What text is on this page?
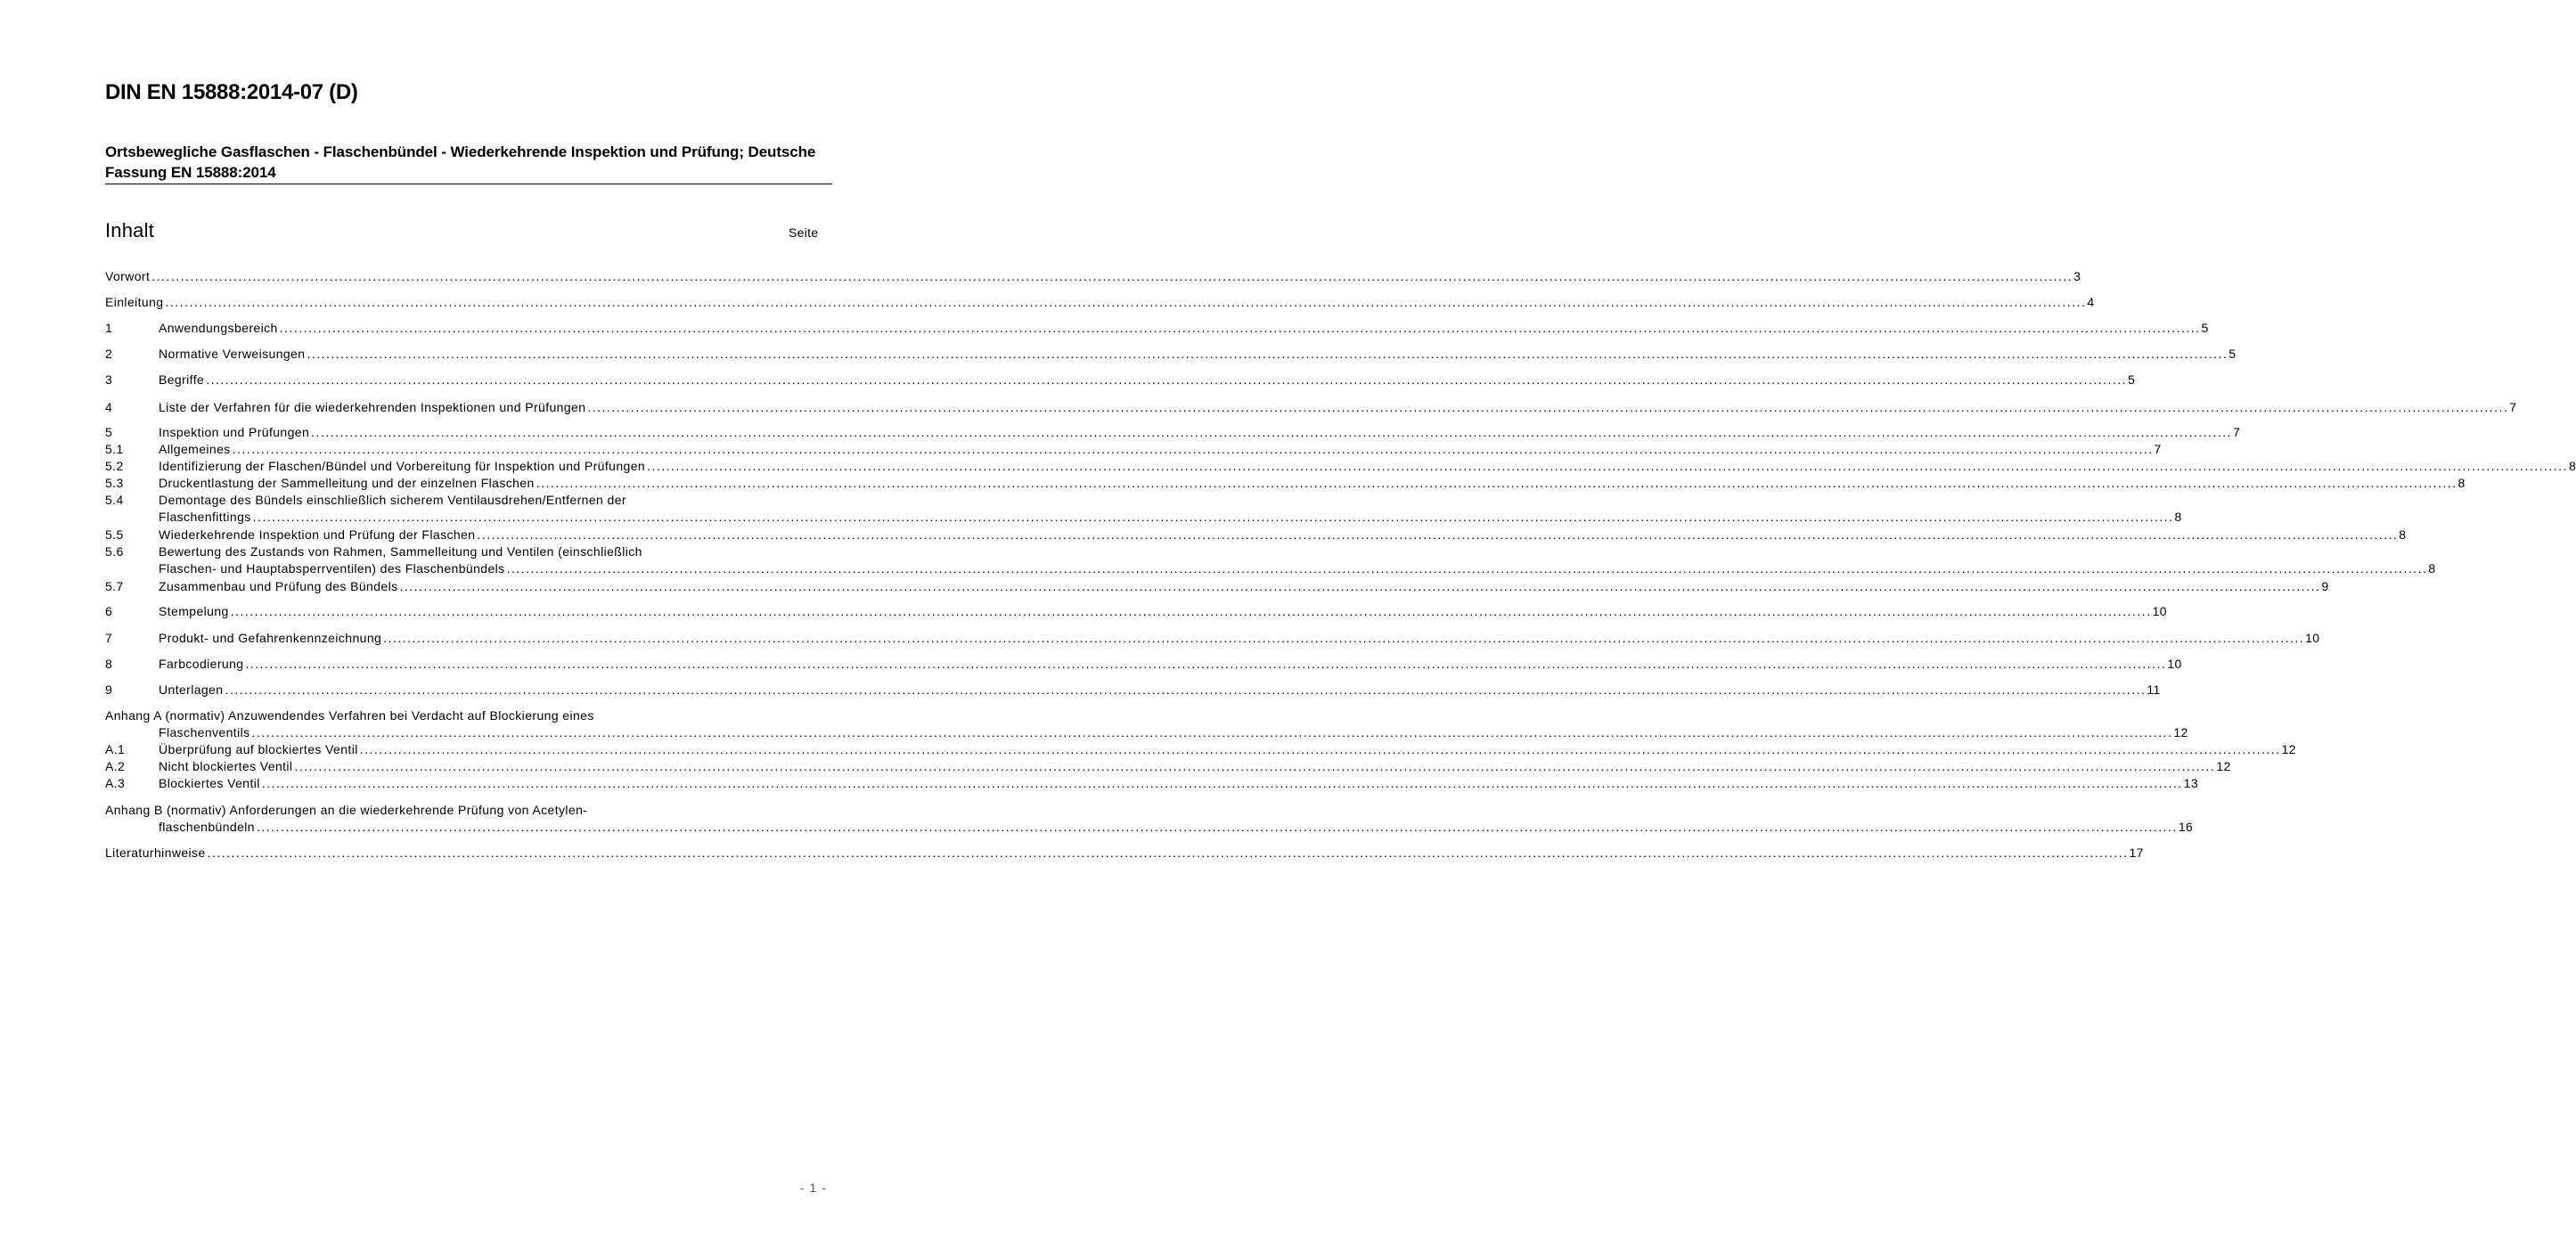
DIN EN 15888:2014-07 (D)
Ortsbewegliche Gasflaschen - Flaschenbündel - Wiederkehrende Inspektion und Prüfung; Deutsche Fassung EN 15888:2014
Inhalt	Seite
Vorwort ................................................................................................................................................................................................................................................................................................................................................................................................................ 3
Einleitung ................................................................................................................................................................................................................................................................................................................................................................................................................ 4
1	Anwendungsbereich ................................................................................................................................................................................................................................................................................................................................................................................................................ 5
2	Normative Verweisungen ................................................................................................................................................................................................................................................................................................................................................................................................................ 5
3	Begriffe ................................................................................................................................................................................................................................................................................................................................................................................................................ 5
4	Liste der Verfahren für die wiederkehrenden Inspektionen und Prüfungen ................................................................................................................................................................................................................................................................................................................................................................................................................ 7
5	Inspektion und Prüfungen ................................................................................................................................................................................................................................................................................................................................................................................................................ 7
5.1	Allgemeines ................................................................................................................................................................................................................................................................................................................................................................................................................ 7
5.2	Identifizierung der Flaschen/Bündel und Vorbereitung für Inspektion und Prüfungen ................................................................................................................................................................................................................................................................................................................................................................................................................ 8
5.3	Druckentlastung der Sammelleitung und der einzelnen Flaschen ................................................................................................................................................................................................................................................................................................................................................................................................................ 8
5.4	Demontage des Bündels einschließlich sicherem Ventilausdrehen/Entfernen der
Flaschenfittings ................................................................................................................................................................................................................................................................................................................................................................................................................ 8
5.5	Wiederkehrende Inspektion und Prüfung der Flaschen ................................................................................................................................................................................................................................................................................................................................................................................................................ 8
5.6	Bewertung des Zustands von Rahmen, Sammelleitung und Ventilen (einschließlich
Flaschen- und Hauptabsperrventilen) des Flaschenbündels ................................................................................................................................................................................................................................................................................................................................................................................................................ 8
5.7	Zusammenbau und Prüfung des Bündels ................................................................................................................................................................................................................................................................................................................................................................................................................ 9
6	Stempelung ................................................................................................................................................................................................................................................................................................................................................................................................................ 10
7	Produkt- und Gefahrenkennzeichnung ................................................................................................................................................................................................................................................................................................................................................................................................................ 10
8	Farbcodierung ................................................................................................................................................................................................................................................................................................................................................................................................................ 10
9	Unterlagen ................................................................................................................................................................................................................................................................................................................................................................................................................ 11
Anhang A (normativ) Anzuwendendes Verfahren bei Verdacht auf Blockierung eines
Flaschenventils ................................................................................................................................................................................................................................................................................................................................................................................................................ 12
A.1	Überprüfung auf blockiertes Ventil ................................................................................................................................................................................................................................................................................................................................................................................................................ 12
A.2	Nicht blockiertes Ventil ................................................................................................................................................................................................................................................................................................................................................................................................................ 12
A.3	Blockiertes Ventil ................................................................................................................................................................................................................................................................................................................................................................................................................ 13
Anhang B (normativ) Anforderungen an die wiederkehrende Prüfung von Acetylen-
flaschenbündeln ................................................................................................................................................................................................................................................................................................................................................................................................................ 16
Literaturhinweise ................................................................................................................................................................................................................................................................................................................................................................................................................ 17
- 1 -
